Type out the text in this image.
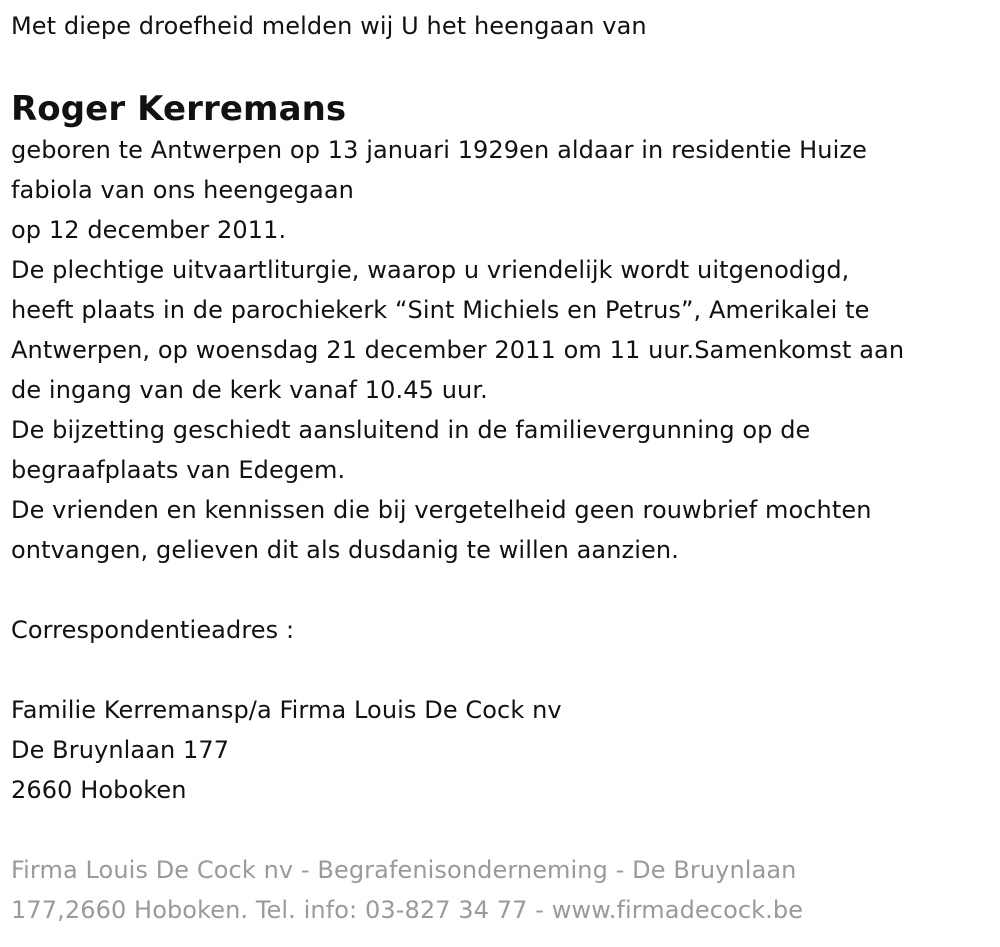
Met diepe droefheid melden wij U het heengaan van
Roger Kerremans
geboren te Antwerpen op 13 januari 1929en aldaar in residentie Huize
fabiola van ons heengegaan
op 12 december 2011.
De plechtige uitvaartliturgie, waarop u vriendelijk wordt uitgenodigd,
heeft plaats in de parochiekerk “Sint Michiels en Petrus”, Amerikalei te
Antwerpen, op woensdag 21 december 2011 om 11 uur.Samenkomst aan
de ingang van de kerk vanaf 10.45 uur.
De bijzetting geschiedt aansluitend in de familievergunning op de
begraafplaats van Edegem.
De vrienden en kennissen die bij vergetelheid geen rouwbrief mochten
ontvangen, gelieven dit als dusdanig te willen aanzien.
Correspondentieadres :
Familie Kerremansp/a Firma Louis De Cock nv
De Bruynlaan 177
2660 Hoboken
Firma Louis De Cock nv - Begrafenisonderneming - De Bruynlaan
177,2660 Hoboken. Tel. info: 03-827 34 77 - www.firmadecock.be
